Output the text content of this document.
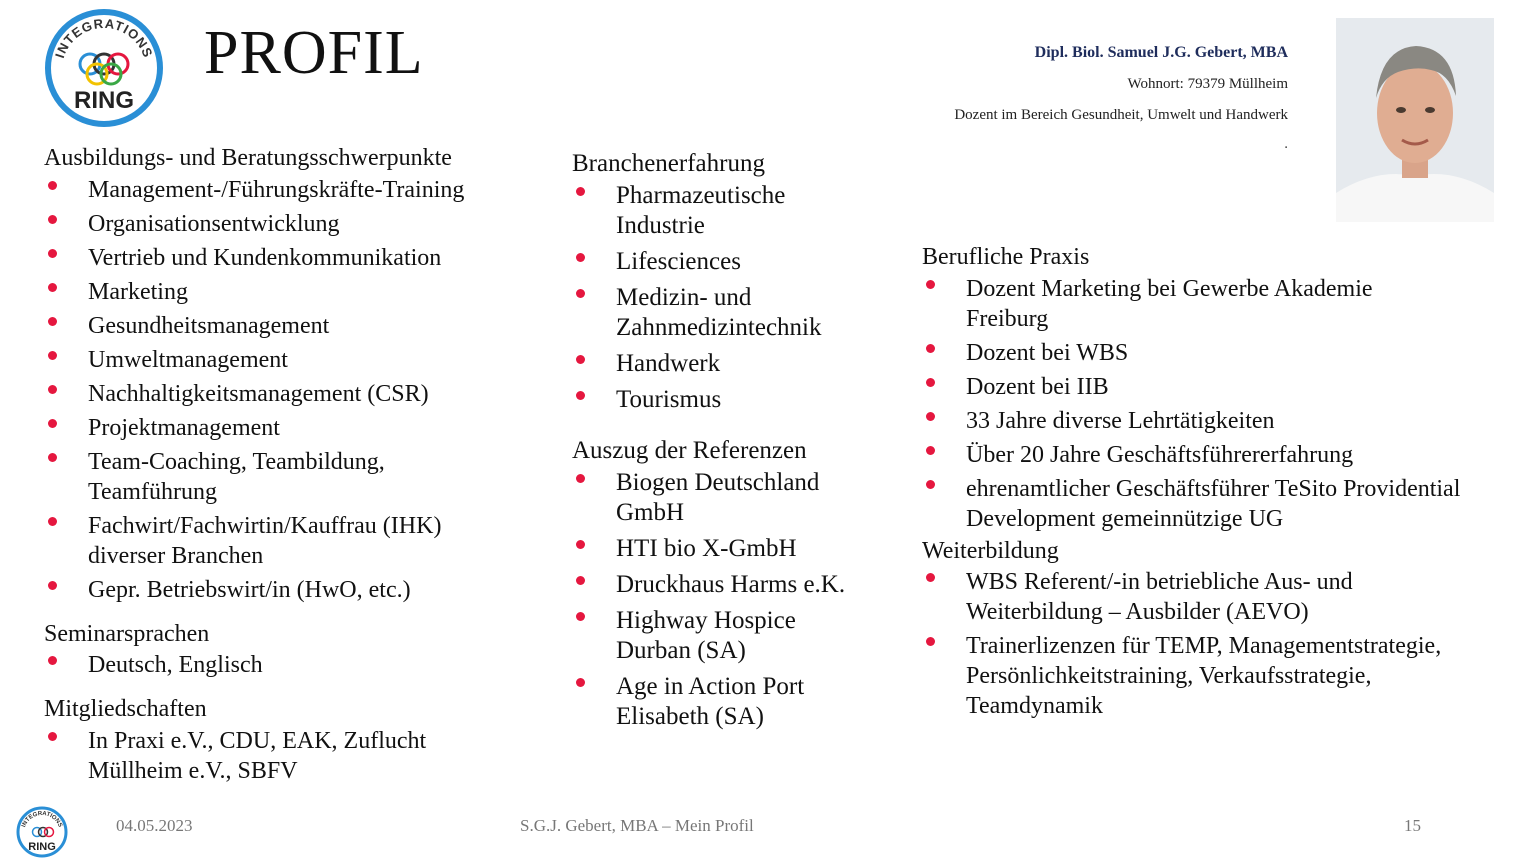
INTEGRATIONS
RING
PROFIL	Dipl. Biol. Samuel J.G. Gebert, MBA
Wohnort: 79379 Müllheim
Dozent im Bereich Gesundheit, Umwelt und Handwerk
.
Ausbildungs- und Beratungsschwerpunkte
Management-/Führungskräfte-Training
Organisationsentwicklung
Vertrieb und Kundenkommunikation
Marketing
Gesundheitsmanagement
Umweltmanagement
Nachhaltigkeitsmanagement (CSR)
Projektmanagement
Team-Coaching, Teambildung, Teamführung
Fachwirt/Fachwirtin/Kauffrau (IHK) diverser Branchen
Gepr. Betriebswirt/in (HwO, etc.)
Seminarsprachen
Deutsch, Englisch
Mitgliedschaften
In Praxi e.V., CDU, EAK, Zuflucht Müllheim e.V., SBFV
Branchenerfahrung
Pharmazeutische Industrie
Lifesciences
Medizin- und Zahnmedizintechnik
Handwerk
Tourismus
Auszug der Referenzen
Biogen Deutschland GmbH
HTI bio X-GmbH
Druckhaus Harms e.K.
Highway Hospice Durban (SA)
Age in Action Port Elisabeth (SA)
Berufliche Praxis
Dozent Marketing bei Gewerbe Akademie Freiburg
Dozent bei WBS
Dozent bei IIB
33 Jahre diverse Lehrtätigkeiten
Über 20 Jahre Geschäftsführererfahrung
ehrenamtlicher Geschäftsführer TeSito Providential Development gemeinnützige UG
Weiterbildung
WBS Referent/-in betriebliche Aus- und Weiterbildung – Ausbilder (AEVO)
Trainerlizenzen für TEMP, Managementstrategie, Persönlichkeitstraining, Verkaufsstrategie, Teamdynamik
INTEGRATIONS
RING
04.05.2023	S.G.J. Gebert, MBA – Mein Profil	15
